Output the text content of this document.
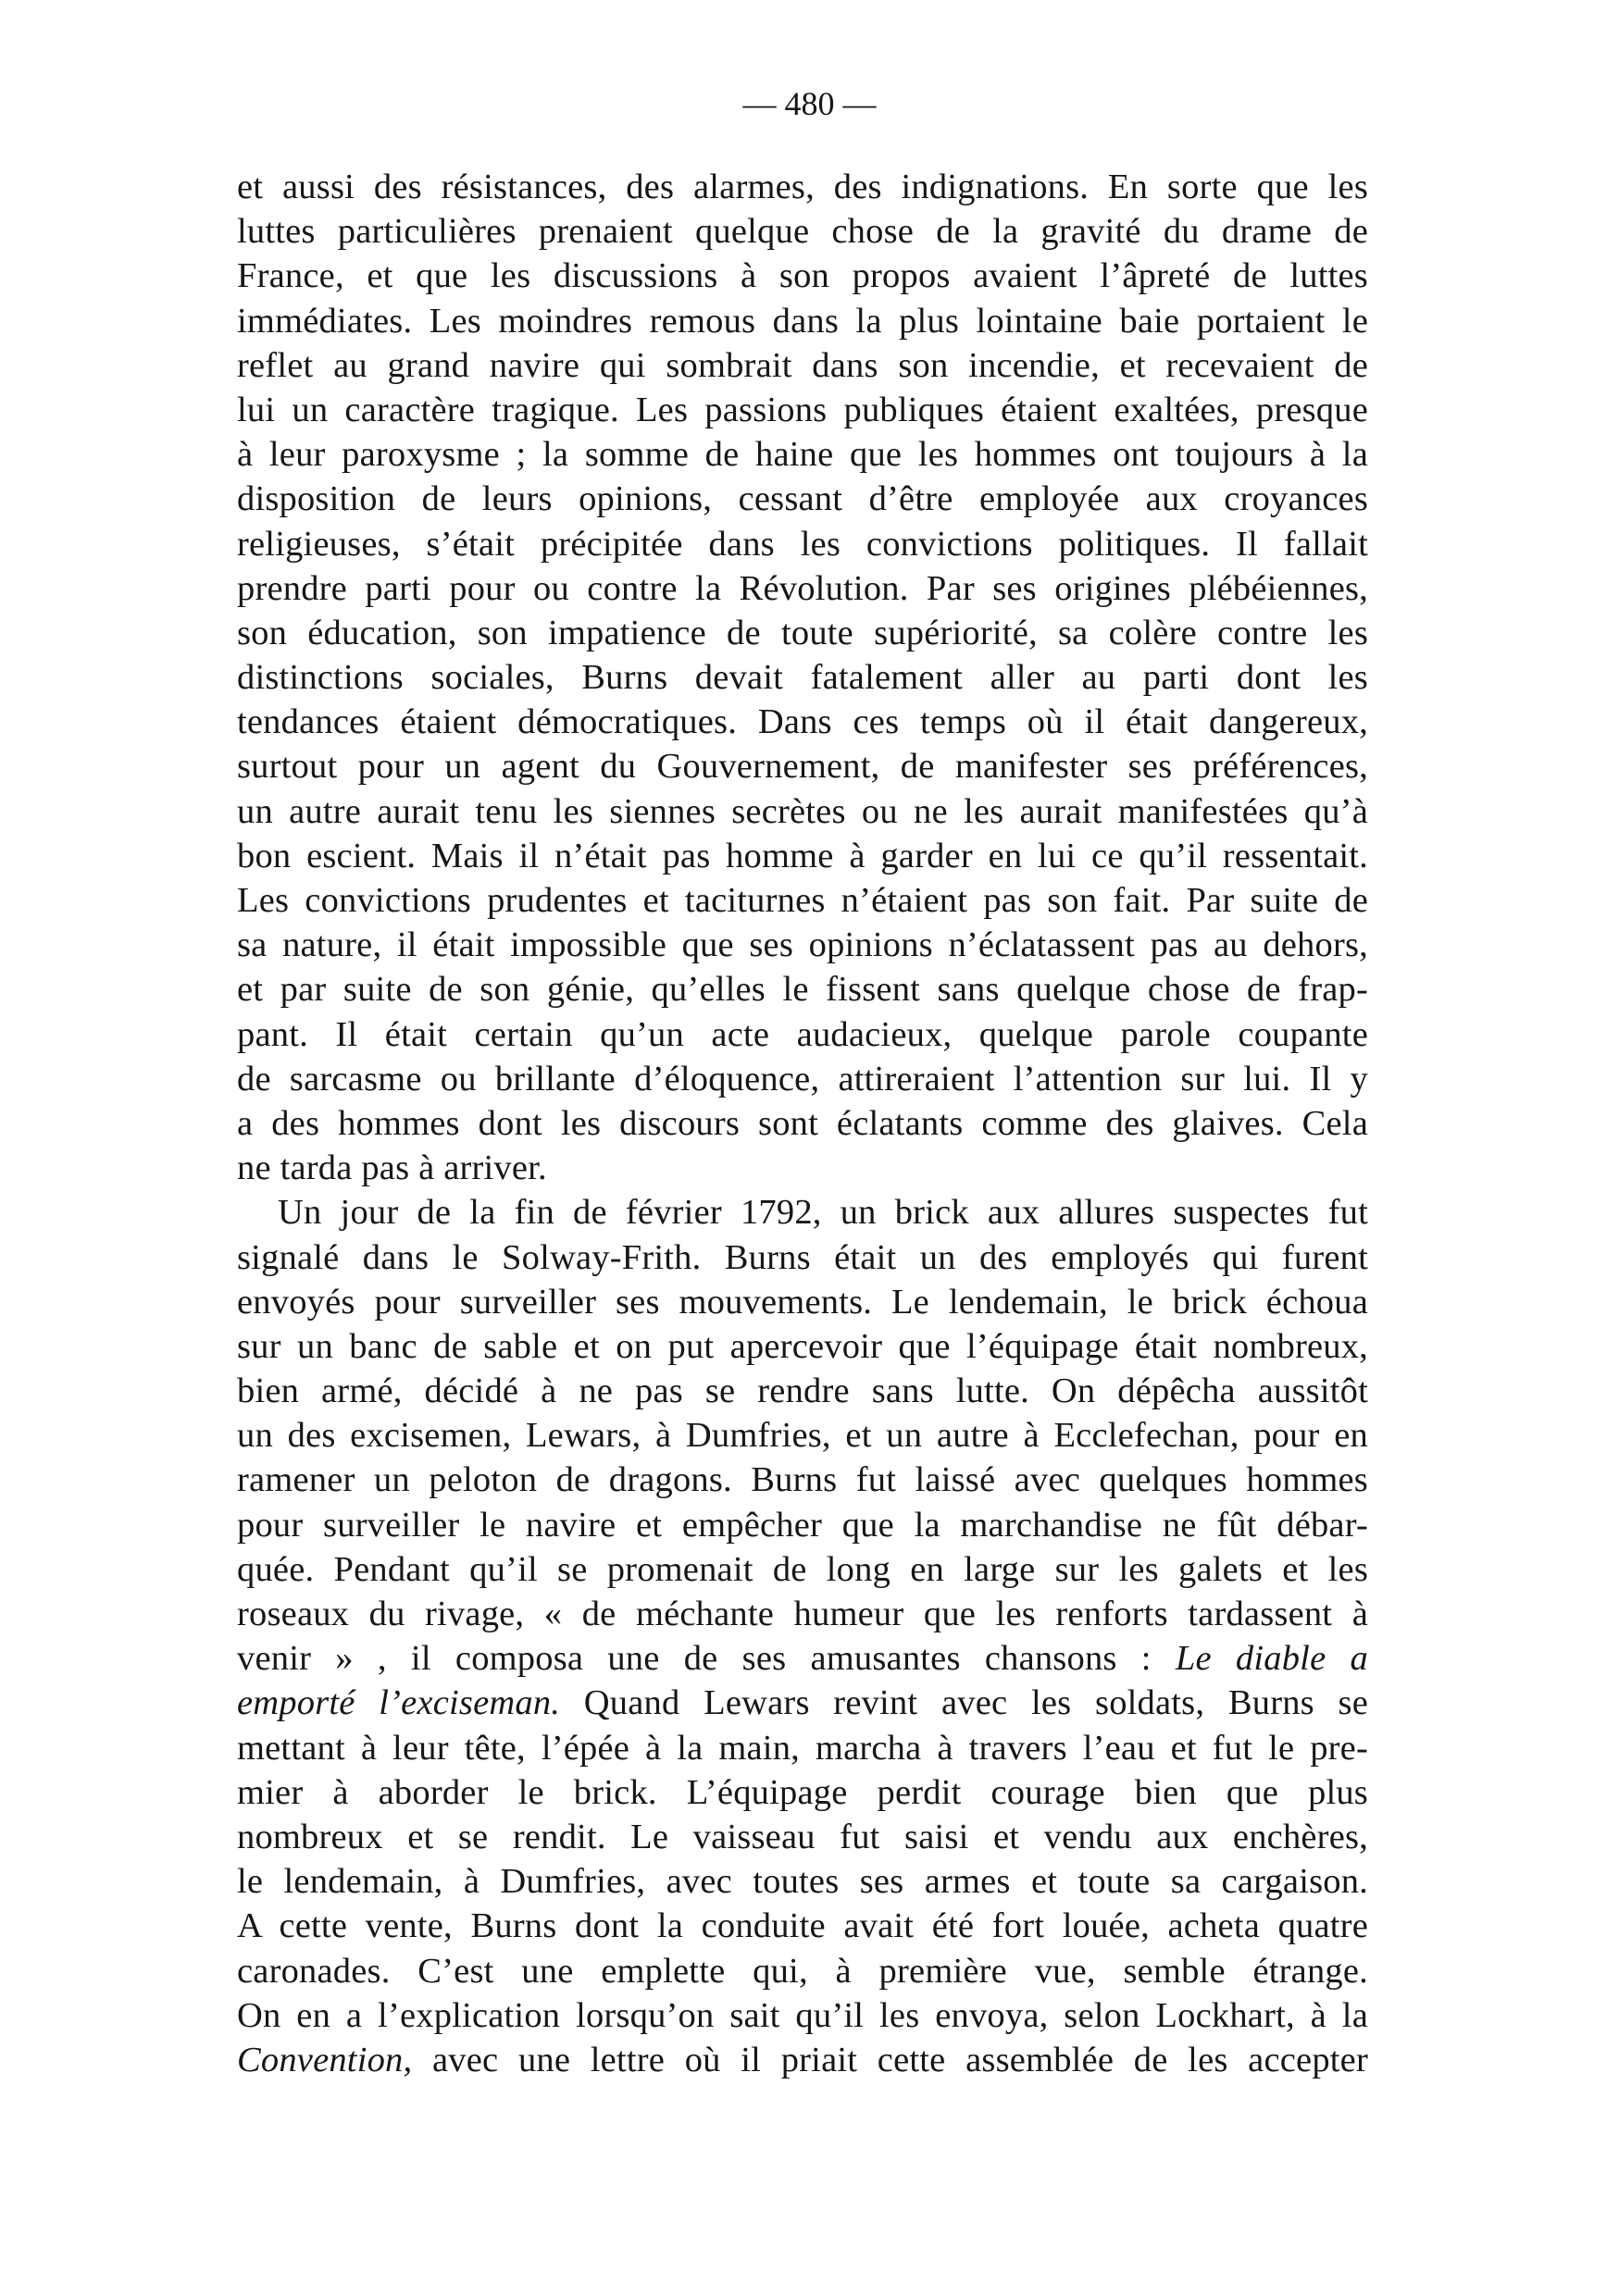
— 480 —
et aussi des résistances, des alarmes, des indignations. En sorte que les
luttes particulières prenaient quelque chose de la gravité du drame de
France, et que les discussions à son propos avaient l’âpreté de luttes
immédiates. Les moindres remous dans la plus lointaine baie portaient le
reflet au grand navire qui sombrait dans son incendie, et recevaient de
lui un caractère tragique. Les passions publiques étaient exaltées, presque
à leur paroxysme ; la somme de haine que les hommes ont toujours à la
disposition de leurs opinions, cessant d’être employée aux croyances
religieuses, s’était précipitée dans les convictions politiques. Il fallait
prendre parti pour ou contre la Révolution. Par ses origines plébéiennes,
son éducation, son impatience de toute supériorité, sa colère contre les
distinctions sociales, Burns devait fatalement aller au parti dont les
tendances étaient démocratiques. Dans ces temps où il était dangereux,
surtout pour un agent du Gouvernement, de manifester ses préférences,
un autre aurait tenu les siennes secrètes ou ne les aurait manifestées qu’à
bon escient. Mais il n’était pas homme à garder en lui ce qu’il ressentait.
Les convictions prudentes et taciturnes n’étaient pas son fait. Par suite de
sa nature, il était impossible que ses opinions n’éclatassent pas au dehors,
et par suite de son génie, qu’elles le fissent sans quelque chose de frap-
pant. Il était certain qu’un acte audacieux, quelque parole coupante
de sarcasme ou brillante d’éloquence, attireraient l’attention sur lui. Il y
a des hommes dont les discours sont éclatants comme des glaives. Cela
ne tarda pas à arriver.
Un jour de la fin de février 1792, un brick aux allures suspectes fut
signalé dans le Solway-Frith. Burns était un des employés qui furent
envoyés pour surveiller ses mouvements. Le lendemain, le brick échoua
sur un banc de sable et on put apercevoir que l’équipage était nombreux,
bien armé, décidé à ne pas se rendre sans lutte. On dépêcha aussitôt
un des excisemen, Lewars, à Dumfries, et un autre à Ecclefechan, pour en
ramener un peloton de dragons. Burns fut laissé avec quelques hommes
pour surveiller le navire et empêcher que la marchandise ne fût débar-
quée. Pendant qu’il se promenait de long en large sur les galets et les
roseaux du rivage, « de méchante humeur que les renforts tardassent à
venir » , il composa une de ses amusantes chansons : Le diable a
emporté l’exciseman. Quand Lewars revint avec les soldats, Burns se
mettant à leur tête, l’épée à la main, marcha à travers l’eau et fut le pre-
mier à aborder le brick. L’équipage perdit courage bien que plus
nombreux et se rendit. Le vaisseau fut saisi et vendu aux enchères,
le lendemain, à Dumfries, avec toutes ses armes et toute sa cargaison.
A cette vente, Burns dont la conduite avait été fort louée, acheta quatre
caronades. C’est une emplette qui, à première vue, semble étrange.
On en a l’explication lorsqu’on sait qu’il les envoya, selon Lockhart, à la
Convention, avec une lettre où il priait cette assemblée de les accepter
